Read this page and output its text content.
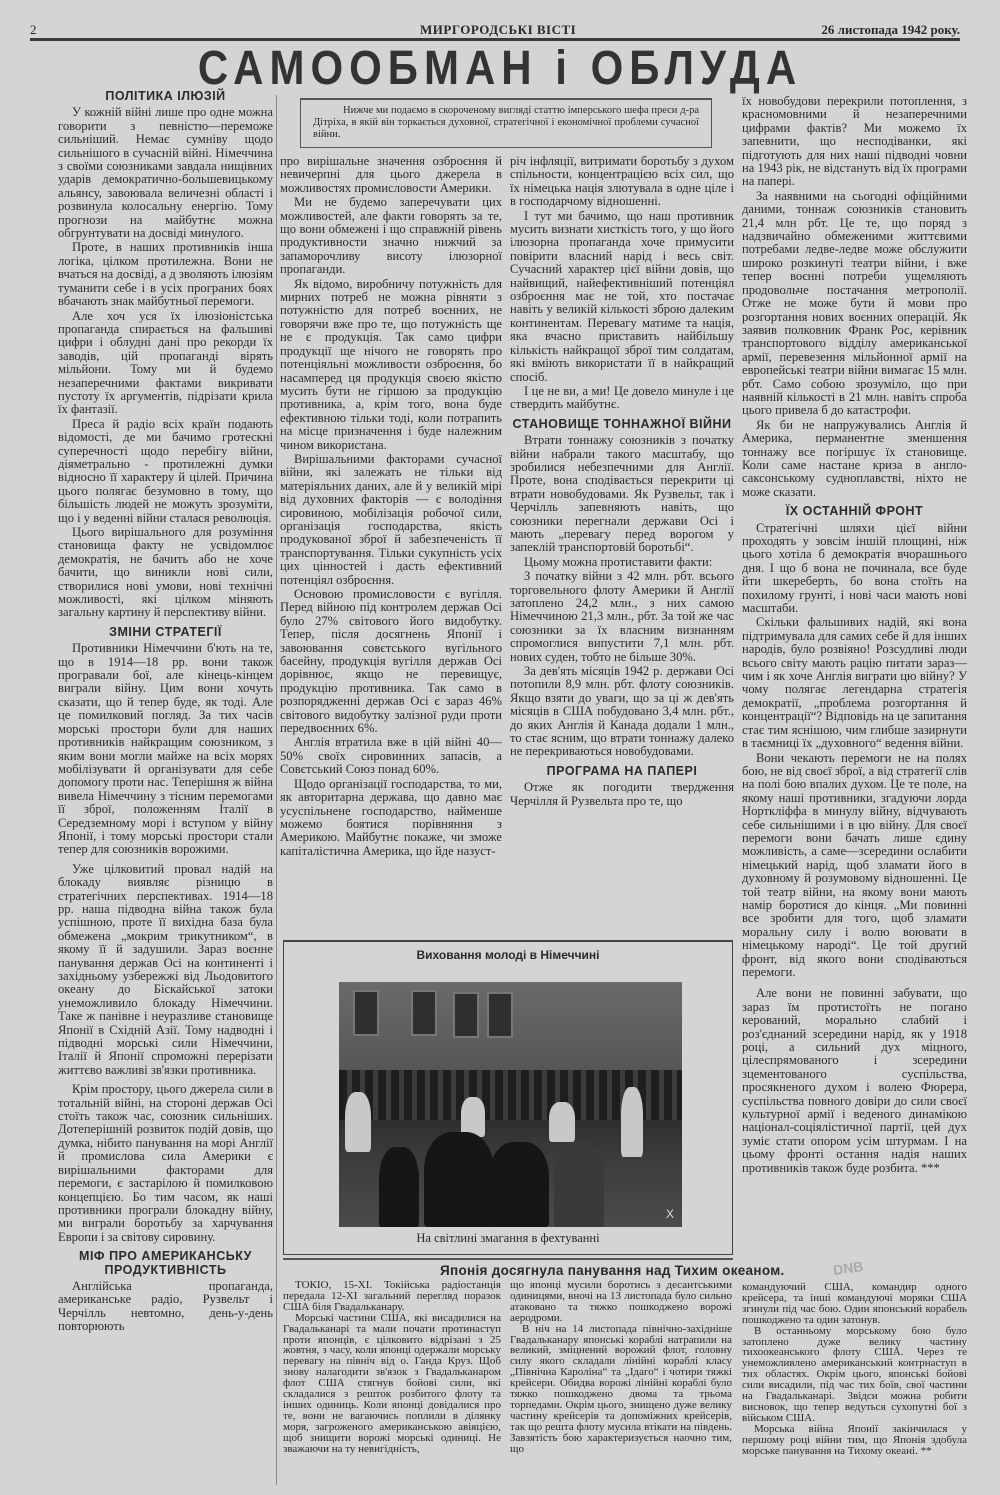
2	МИРГОРОДСЬКІ ВІСТІ	26 листопада 1942 року.
САМООБМАН і ОБЛУДА
Нижче ми подаємо в скороченому вигляді статтю імперського шефа преси д-ра Дітріха, в якій він торкається духовної, стратегічної і економічної проблеми сучасної війни.
ПОЛІТИКА ІЛЮЗІЙ

У кожній війні лише про одне можна говорити з певністю—переможе сильніший. Немає сумніву щодо сильнішого в сучасній війні. Німеччина з своїми союзниками завдала нищівних ударів демократично-большевицькому альянсу, завоювала величезні області і розвинула колосальну енергію. Тому прогнози на майбутнє можна обгрунтувати на досвіді минулого.

Проте, в наших противників інша логіка, цілком протилежна. Вони не вчаться на досвіді, а д зволяють ілюзіям туманити себе і в усіх програних боях вбачають знак майбутньої перемоги.

Але хоч уся їх ілюзіоністська пропаганда спирається на фальшиві цифри і облудні дані про рекорди їх заводів, цій пропаганді вірять мільйони. Тому ми й будемо незаперечними фактами викривати пустоту їх аргументів, підрізати крила їх фантазії.

Преса й радіо всіх країн подають відомості, де ми бачимо гротескні суперечності щодо перебігу війни, діяметрально - протилежні думки відносно її характеру й цілей. Причина цього полягає безумовно в тому, що більшість людей не можуть зрозуміти, що і у веденні війни сталася революція.

Цього вирішального для розуміння становища факту не усвідомлює демократія, не бачить або не хоче бачити, що виникли нові сили, створилися нові умови, нові технічні можливості, які цілком міняють загальну картину й перспективу війни.

ЗМІНИ СТРАТЕГІЇ

Противники Німеччини б'ють на те, що в 1914—18 рр. вони також програвали бої, але кінець-кінцем виграли війну. Цим вони хочуть сказати, що й тепер буде, як тоді. Але це помилковий погляд. За тих часів морські простори були для наших противників найкращим союзником, з яким вони могли майже на всіх морях мобілізувати й організувати для себе допомогу проти нас. Теперішня ж війна вивела Німеччину з тісним перемогами її зброї, положенням Італії в Середземному морі і вступом у війну Японії, і тому морські простори стали тепер для союзників ворожими.

Уже цілковитий провал надій на блокаду виявляє різницю в стратегічних перспективах. 1914—18 рр. наша підводна війна також була успішною, проте її вихідна база була обмежена „мокрим трикутником“, в якому її й задушили. Зараз воєнне панування держав Осі на континенті і західньому узбережжі від Льодовитого океану до Біскайської затоки унеможливило блокаду Німеччини. Таке ж панівне і неуразливе становище Японії в Східній Азії. Тому надводні і підводні морські сили Німеччини, Італії й Японії спроможні перерізати життєво важливі зв'язки противника.

Крім простору, цього джерела сили в тотальній війні, на стороні держав Осі стоїть також час, союзник сильніших. Дотеперішній розвиток подій довів, що думка, нібито панування на морі Англії й промислова сила Америки є вирішальними факторами для перемоги, є застарілою й помилковою концепцією. Бо тим часом, як наші противники програли блокадну війну, ми виграли боротьбу за харчування Европи і за світову сировину.

МІФ ПРО АМЕРИКАНСЬКУ ПРОДУКТИВНІСТЬ

Англійська пропаганда, американське радіо, Рузвельт і Черчілль невтомно, день-у-день повторюють

про вирішальне значення озброєння й невичерпні для цього джерела в можливостях промисловости Америки.

Ми не будемо заперечувати цих можливостей, але факти говорять за те, що вони обмежені і що справжній рівень продуктивности значно нижчий за запаморочливу висоту ілюзорної пропаганди.

Як відомо, виробничу потужність для мирних потреб не можна рівняти з потужністю для потреб воєнних, не говорячи вже про те, що потужність ще не є продукція. Так само цифри продукції ще нічого не говорять про потенціяльні можливости озброєння, бо насамперед ця продукція своєю якістю мусить бути не гіршою за продукцію противника, а, крім того, вона буде ефективною тільки тоді, коли потрапить на місце призначення і буде належним чином використана.

Вирішальними факторами сучасної війни, які залежать не тільки від матеріяльних даних, але й у великій мірі від духовних факторів — є володіння сировиною, мобілізація робочої сили, організація господарства, якість продукованої зброї й забезпеченість її транспортування. Тільки сукупність усіх цих цінностей і дасть ефективний потенціял озброєння.

Основою промисловости є вугілля. Перед війною під контролем держав Осі було 27% світового його видобутку. Тепер, після досягнень Японії і завоювання совєтського вугільного басейну, продукція вугілля держав Осі дорівнює, якщо не перевищує, продукцію противника. Так само в розпорядженні держав Осі є зараз 46% світового видобутку залізної руди проти передвоєнних 6%.

Англія втратила вже в цій війні 40—50% своїх сировинних запасів, а Совєтський Союз понад 60%.

Щодо організації господарства, то ми, як авторитарна держава, що давно має усуспільнене господарство, найменше можемо боятися порівняння з Америкою. Майбутнє покаже, чи зможе капіталістична Америка, що йде назуст-

річ інфляції, витримати боротьбу з духом спільности, концентрацією всіх сил, що їх німецька нація злютувала в одне ціле і в господарчому відношенні.

І тут ми бачимо, що наш противник мусить визнати хисткість того, у що його ілюзорна пропаганда хоче примусити повірити власний нарід і весь світ. Сучасний характер цієї війни довів, що найвищий, найефективніший потенціял озброєння має не той, хто постачає навіть у великій кількості зброю далеким континентам. Перевагу матиме та нація, яка вчасно приставить найбільшу кількість найкращої зброї тим солдатам, які вміють використати її в найкращий спосіб.

І це не ви, а ми! Це довело минуле і це ствердить майбутнє.

СТАНОВИЩЕ ТОННАЖНОЇ ВІЙНИ

Втрати тоннажу союзників з початку війни набрали такого масштабу, що зробилися небезпечними для Англії. Проте, вона сподівається перекрити ці втрати новобудовами. Як Рузвельт, так і Черчілль запевняють навіть, що союзники перегнали держави Осі і мають „перевагу перед ворогом у запеклій транспортовій боротьбі“.

Цьому можна протиставити факти:

З початку війни з 42 млн. рбт. всього торговельного флоту Америки й Англії затоплено 24,2 млн., з них самою Німеччиною 21,3 млн., рбт. За той же час союзники за їх власним визнанням спромоглися випустити 7,1 млн. рбт. нових суден, тобто не більше 30%.

За дев'ять місяців 1942 р. держави Осі потопили 8,9 млн. рбт. флоту союзників. Якщо взяти до уваги, що за ці ж дев'ять місяців в США побудовано 3,4 млн. рбт., до яких Англія й Канада додали 1 млн., то стає ясним, що втрати тоннажу далеко не перекриваються новобудовами.

ПРОГРАМА НА ПАПЕРІ

Отже як погодити твердження Черчілля й Рузвельта про те, що

їх новобудови перекрили потоплення, з красномовними й незаперечними цифрами фактів? Ми можемо їх запевнити, що несподіванки, які підготують для них наші підводні човни на 1943 рік, не відстануть від їх програми на папері.

За наявними на сьогодні офіційними даними, тоннаж союзників становить 21,4 млн рбт. Це те, що поряд з надзвичайно обмеженими життєвими потребами ледве-ледве може обслужити широко розкинуті театри війни, і вже тепер воєнні потреби ущемляють продовольче постачання метрополії. Отже не може бути й мови про розгортання нових воєнних операцій. Як заявив полковник Франк Рос, керівник транспортового відділу американської армії, перевезення мільйонної армії на европейські театри війни вимагає 15 млн. рбт. Само собою зрозуміло, що при наявній кількості в 21 млн. навіть спроба цього привела б до катастрофи.

Як би не напружувались Англія й Америка, перманентне зменшення тоннажу все погіршує їх становище. Коли саме настане криза в англо-саксонському судноплавстві, ніхто не може сказати.

ЇХ ОСТАННІЙ ФРОНТ

Стратегічні шляхи цієї війни проходять у зовсім іншій площині, ніж цього хотіла б демократія вчорашнього дня. І що б вона не починала, все буде йти шкереберть, бо вона стоїть на похилому грунті, і нові часи мають нові масштаби.

Скільки фальшивих надій, які вона підтримувала для самих себе й для інших народів, було розвіяно! Розсудливі люди всього світу мають рацію питати зараз—чим і як хоче Англія виграти цю війну? У чому полягає легендарна стратегія демократії, „проблема розгортання й концентрації“? Відповідь на це запитання стає тим яснішою, чим глибше зазирнути в таємниці їх „духовного“ ведення війни.

Вони чекають перемоги не на полях бою, не від своєї зброї, а від стратегії слів на полі бою впалих духом. Це те поле, на якому наші противники, згадуючи лорда Норткліффа в минулу війну, відчувають себе сильнішими і в цю війну. Для своєї перемоги вони бачать лише єдину можливість, а саме—зсередини ослабити німецький нарід, щоб зламати його в духовному й розумовому відношенні. Це той театр війни, на якому вони мають намір боротися до кінця. „Ми повинні все зробити для того, щоб зламати моральну силу і волю воювати в німецькому народі“. Це той другий фронт, від якого вони сподіваються перемоги.

Але вони не повинні забувати, що зараз їм протистоїть не погано керований, морально слабий і роз'єднаний зсередини нарід, як у 1918 році, а сильний дух міцного, цілеспрямованого і зсередини зцементованого суспільства, просякненого духом і волею Фюрера, суспільства повного довіри до сили своєї культурної армії і веденого динамікою націонал-соціялістичної партії, цей дух зуміє стати опором усім штурмам. І на цьому фронті остання надія наших противників також буде розбита. ***

Виховання молоді в Німеччині
X
На світлині змагання в фехтуванні
Японія досягнула панування над Тихим океаном.	DNB

ТОКІО, 15-XI. Токійська радіостанція передала 12-XI загальний перегляд поразок США біля Гвадальканару.

Морські частини США, які висадилися на Гвадальканарі та мали почати протинаступ проти японців, є цілковито відрізані з 25 жовтня, з часу, коли японці одержали морську перевагу на північ від о. Ганда Круз. Щоб знову налагодити зв'язок з Гвадальканаром флот США стягнув бойові сили, які складалися з решток розбитого флоту та інших одиниць. Коли японці довідалися про те, вони не вагаючись поплили в ділянку моря, загроженого американською авіяцією, щоб знищити ворожі морські одиниці. Не зважаючи на ту невигідність,

що японці мусили боротись з десантськими одиницями, вночі на 13 листопада було сильно атаковано та тяжко пошкоджено ворожі аеродроми.

В ніч на 14 листопада північно-західніше Гвадальканару японські кораблі натрапили на великий, зміцнений ворожий флот, головну силу якого складали лінійні кораблі класу „Північна Кароліна“ та „Ідаго“ і чотири тяжкі крейсери. Обидва ворожі лінійні кораблі було тяжко пошкоджено двома та трьома торпедами. Окрім цього, знищено дуже велику частину крейсерів та допоміжних крейсерів, так що решта флоту мусила втікати на південь. Завзятість бою характеризується наочно тим, що

командуючий США, командир одного крейсера, та інші командуючі моряки США згинули під час бою. Один японський корабель пошкоджено та один затонув.

В останньому морському бою було затоплено дуже велику частину тихоокеанського флоту США. Через те унеможливлено американський контрнаступ в тих областях. Окрім цього, японські бойові сили висадили, під час тих боїв, свої частини на Гвадальканарі. Звідси можна робити висновок, що тепер ведуться сухопутні бої з військом США.

Морська війна Японії закінчилася у першому році війни тим, що Японія здобула морське панування на Тихому океані. **
